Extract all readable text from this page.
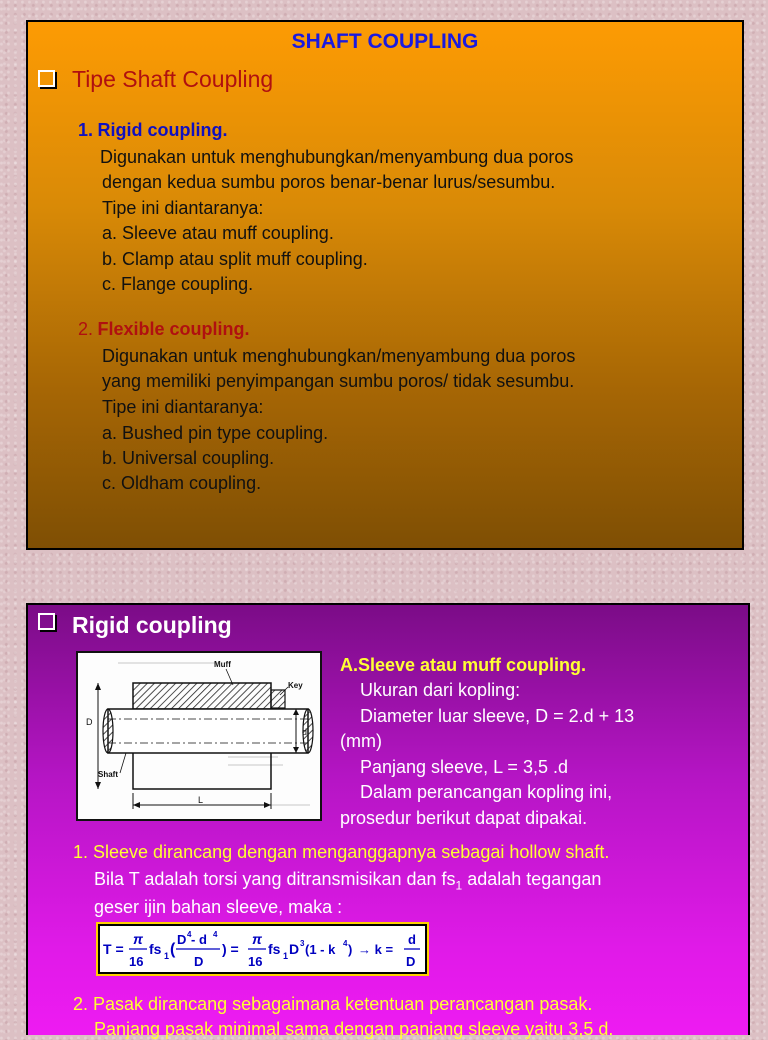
SHAFT COUPLING
Tipe Shaft Coupling
1. Rigid coupling.
Digunakan untuk menghubungkan/menyambung dua poros
dengan kedua sumbu poros benar-benar lurus/sesumbu.
Tipe ini diantaranya:
a. Sleeve atau muff coupling.
b. Clamp atau split muff coupling.
c. Flange coupling.
2. Flexible coupling.
Digunakan untuk menghubungkan/menyambung dua poros
yang memiliki penyimpangan sumbu poros/ tidak sesumbu.
Tipe ini diantaranya:
a. Bushed pin type coupling.
b. Universal coupling.
c. Oldham coupling.
Rigid coupling
D
d
L
Muff
Key
Shaft
A.Sleeve atau muff coupling.
Ukuran dari kopling:
Diameter luar sleeve, D = 2.d + 13
(mm)
Panjang sleeve, L = 3,5 .d
Dalam perancangan kopling ini,
prosedur berikut dapat dipakai.
1. Sleeve dirancang dengan menganggapnya sebagai hollow shaft.
Bila T adalah torsi yang ditransmisikan dan $fs_1$ adalah tegangan
geser ijin bahan sleeve, maka :
T =
π
16
fs 1 (
D 4 - d 4
D
) =
π
16
fs 1 D 3 (1 - k 4 ) → k =
d
D
2. Pasak dirancang sebagaimana ketentuan perancangan pasak.
Panjang pasak minimal sama dengan panjang sleeve yaitu 3,5 d.
